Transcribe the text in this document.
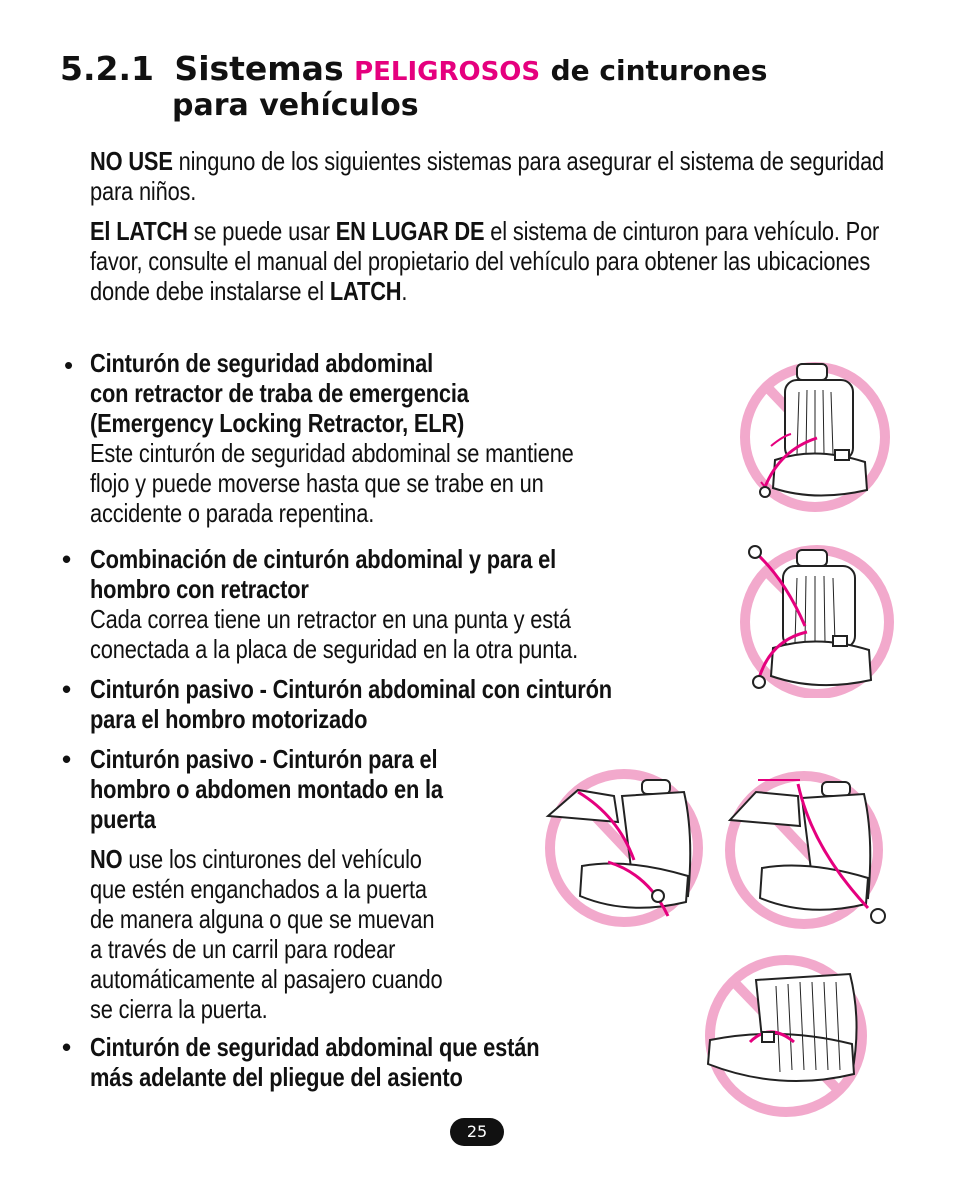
5.2.1 Sistemas PELIGROSOS de cinturones
para vehículos
NO USE ninguno de los siguientes sistemas para asegurar el sistema de seguridad para niños.
El LATCH se puede usar EN LUGAR DE el sistema de cinturon para vehículo. Por favor, consulte el manual del propietario del vehículo para obtener las ubicaciones donde debe instalarse el LATCH.
• Cinturón de seguridad abdominal
con retractor de traba de emergencia
(Emergency Locking Retractor, ELR)
Este cinturón de seguridad abdominal se mantiene
flojo y puede moverse hasta que se trabe en un
accidente o parada repentina.
• Combinación de cinturón abdominal y para el
hombro con retractor
Cada correa tiene un retractor en una punta y está
conectada a la placa de seguridad en la otra punta.
• Cinturón pasivo - Cinturón abdominal con cinturón
para el hombro motorizado
• Cinturón pasivo - Cinturón para el
hombro o abdomen montado en la
puerta
NO use los cinturones del vehículo
que estén enganchados a la puerta
de manera alguna o que se muevan
a través de un carril para rodear
automáticamente al pasajero cuando
se cierra la puerta.
• Cinturón de seguridad abdominal que están
más adelante del pliegue del asiento
25
